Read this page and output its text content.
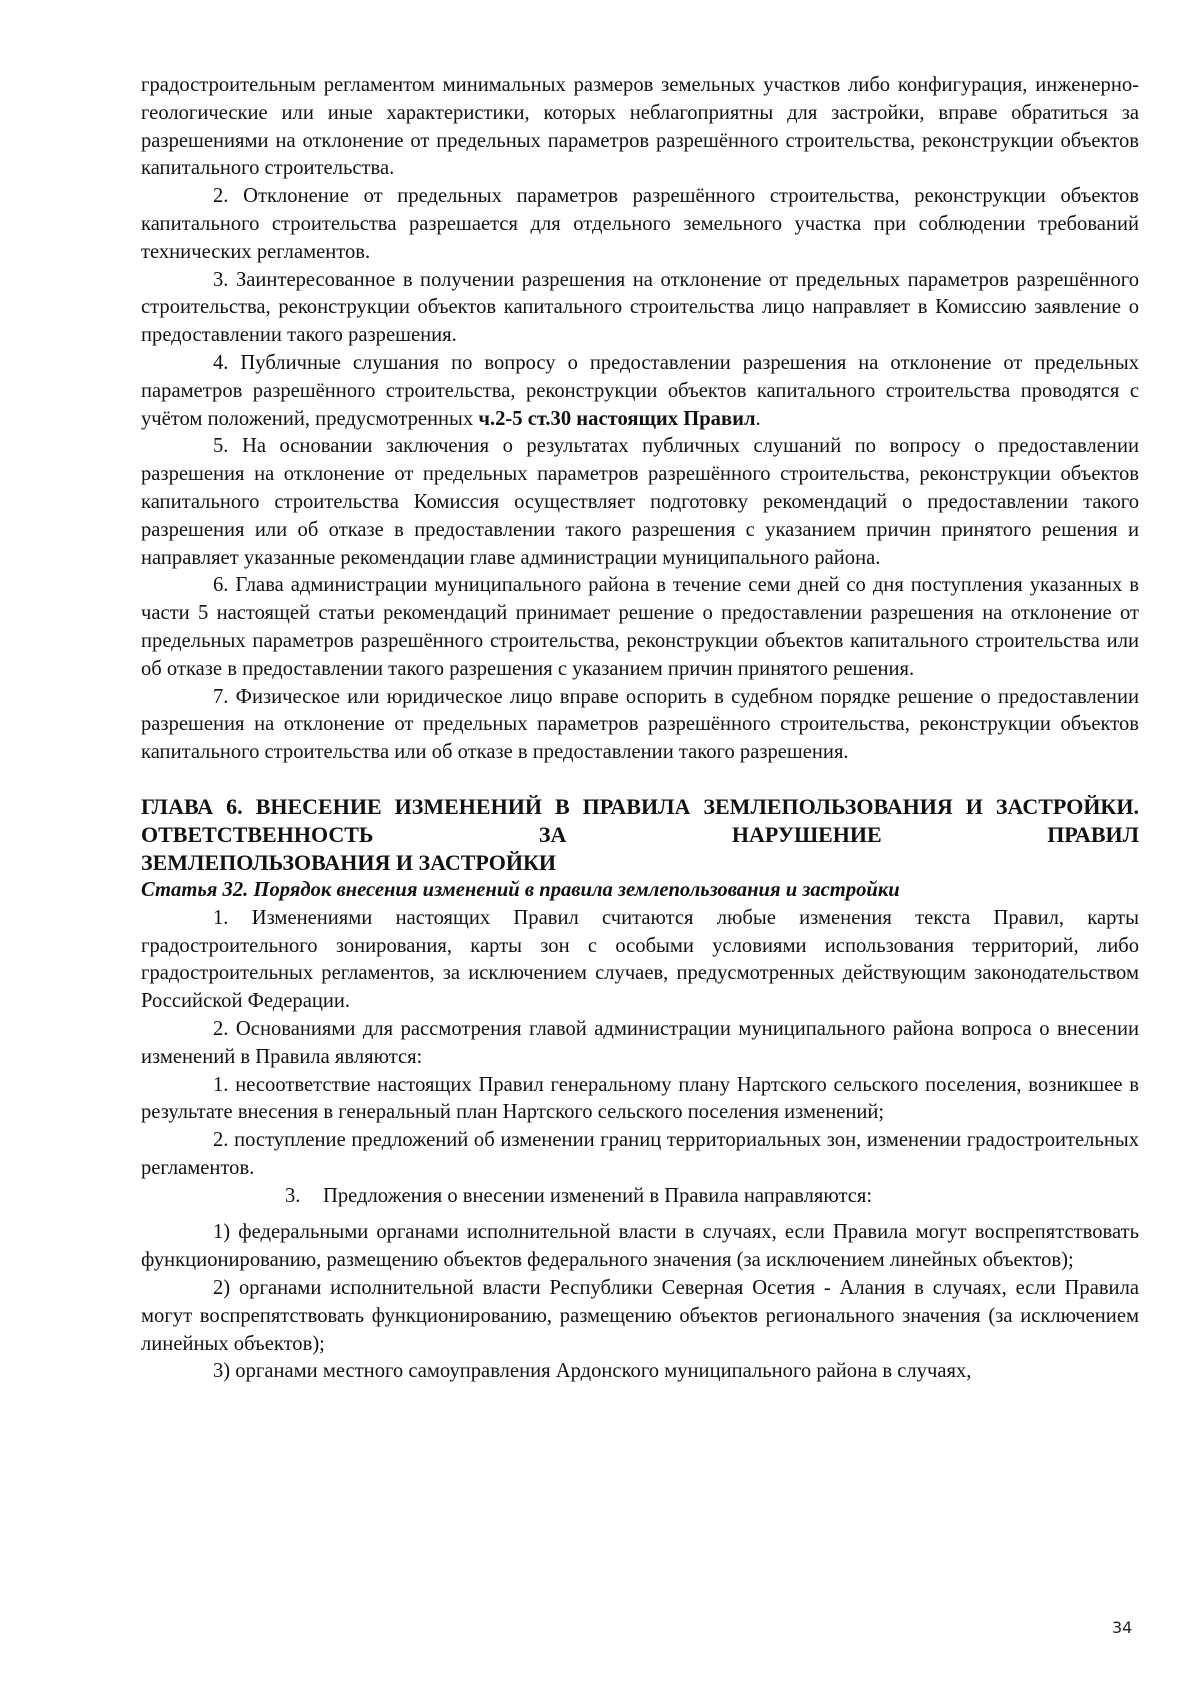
градостроительным регламентом минимальных размеров земельных участков либо конфигурация, инженерно-геологические или иные характеристики, которых неблагоприятны для застройки, вправе обратиться за разрешениями на отклонение от предельных параметров разрешённого строительства, реконструкции объектов капитального строительства.

2. Отклонение от предельных параметров разрешённого строительства, реконструкции объектов капитального строительства разрешается для отдельного земельного участка при соблюдении требований технических регламентов.

3. Заинтересованное в получении разрешения на отклонение от предельных параметров разрешённого строительства, реконструкции объектов капитального строительства лицо направляет в Комиссию заявление о предоставлении такого разрешения.

4. Публичные слушания по вопросу о предоставлении разрешения на отклонение от предельных параметров разрешённого строительства, реконструкции объектов капитального строительства проводятся с учётом положений, предусмотренных ч.2-5 ст.30 настоящих Правил.

5. На основании заключения о результатах публичных слушаний по вопросу о предоставлении разрешения на отклонение от предельных параметров разрешённого строительства, реконструкции объектов капитального строительства Комиссия осуществляет подготовку рекомендаций о предоставлении такого разрешения или об отказе в предоставлении такого разрешения с указанием причин принятого решения и направляет указанные рекомендации главе администрации муниципального района.

6. Глава администрации муниципального района в течение семи дней со дня поступления указанных в части 5 настоящей статьи рекомендаций принимает решение о предоставлении разрешения на отклонение от предельных параметров разрешённого строительства, реконструкции объектов капитального строительства или об отказе в предоставлении такого разрешения с указанием причин принятого решения.

7. Физическое или юридическое лицо вправе оспорить в судебном порядке решение о предоставлении разрешения на отклонение от предельных параметров разрешённого строительства, реконструкции объектов капитального строительства или об отказе в предоставлении такого разрешения.

ГЛАВА 6. ВНЕСЕНИЕ ИЗМЕНЕНИЙ В ПРАВИЛА ЗЕМЛЕПОЛЬЗОВАНИЯ И ЗАСТРОЙКИ. ОТВЕТСТВЕННОСТЬ ЗА НАРУШЕНИЕ ПРАВИЛ

ЗЕМЛЕПОЛЬЗОВАНИЯ И ЗАСТРОЙКИ

Статья 32. Порядок внесения изменений в правила землепользования и застройки

1. Изменениями настоящих Правил считаются любые изменения текста Правил, карты градостроительного зонирования, карты зон с особыми условиями использования территорий, либо градостроительных регламентов, за исключением случаев, предусмотренных действующим законодательством Российской Федерации.

2. Основаниями для рассмотрения главой администрации муниципального района вопроса о внесении изменений в Правила являются:

1. несоответствие настоящих Правил генеральному плану Нартского сельского поселения, возникшее в результате внесения в генеральный план Нартского сельского поселения изменений;

2. поступление предложений об изменении границ территориальных зон, изменении градостроительных регламентов.

3. Предложения о внесении изменений в Правила направляются:

1) федеральными органами исполнительной власти в случаях, если Правила могут воспрепятствовать функционированию, размещению объектов федерального значения (за исключением линейных объектов);

2) органами исполнительной власти Республики Северная Осетия - Алания в случаях, если Правила могут воспрепятствовать функционированию, размещению объектов регионального значения (за исключением линейных объектов);

3) органами местного самоуправления Ардонского муниципального района в случаях,

34
